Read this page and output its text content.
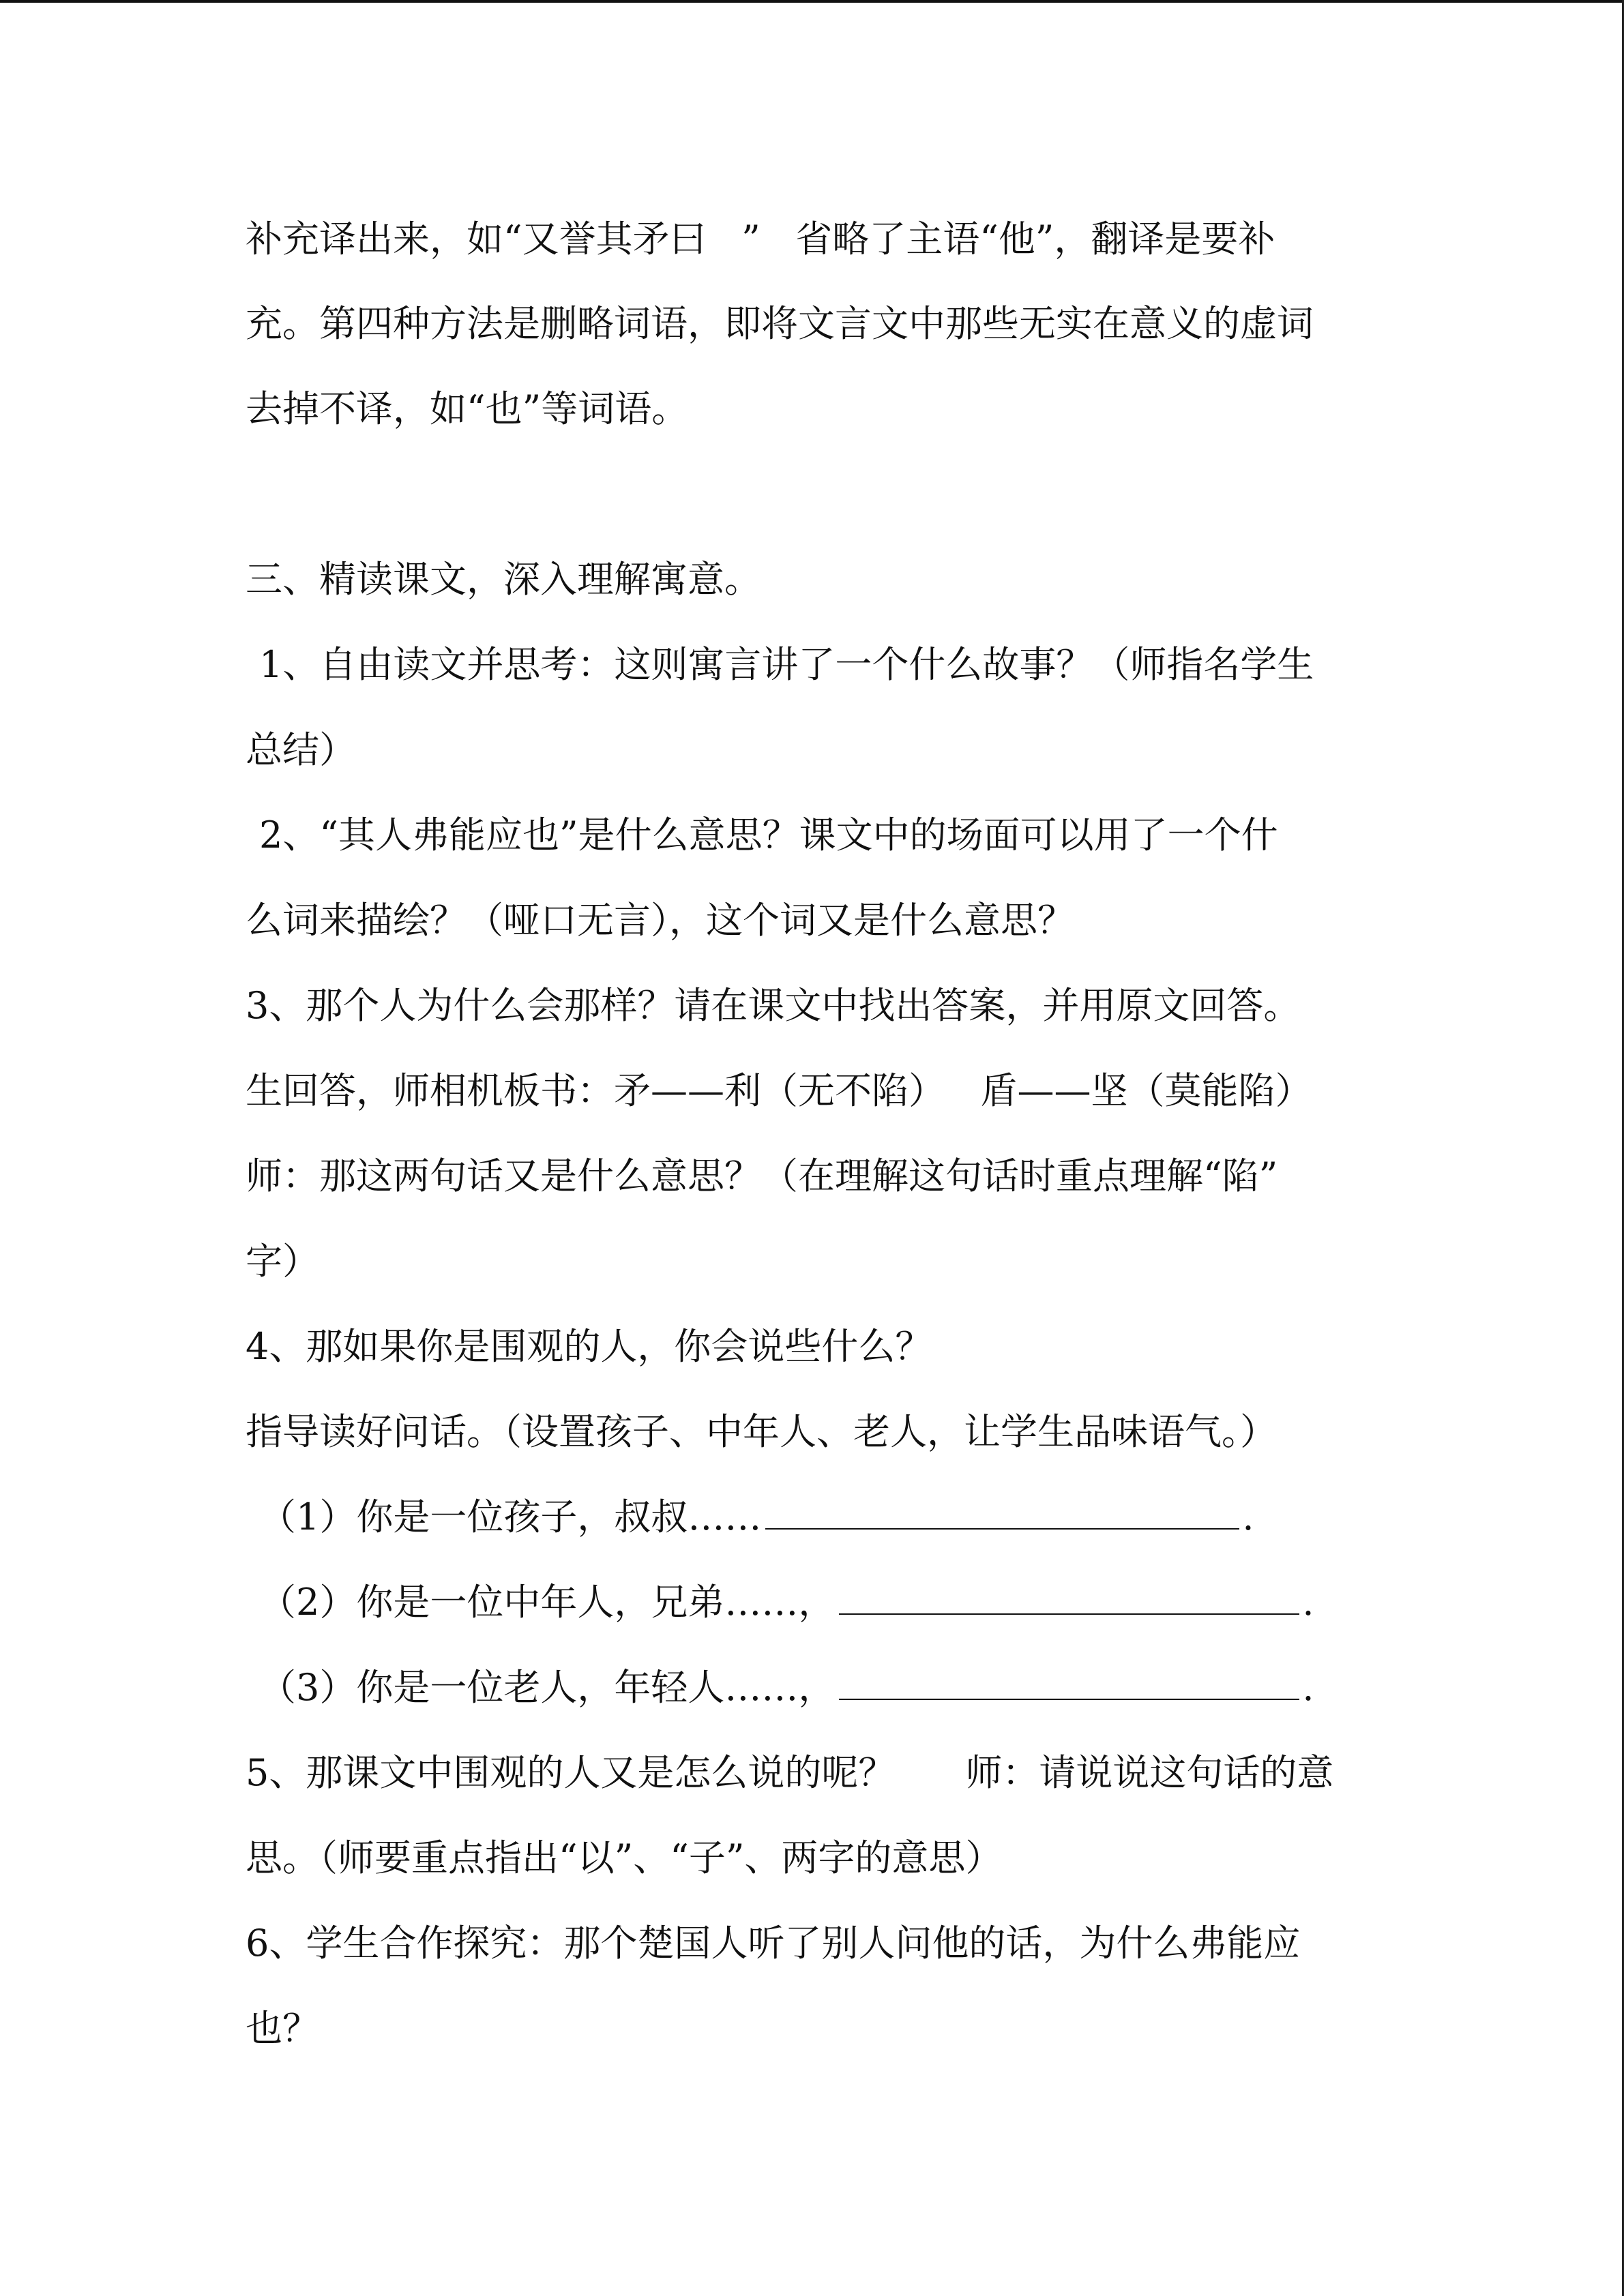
补充译出来，如“又誉其矛曰   ”   省略了主语“他”，翻译是要补
充。第四种方法是删略词语，即将文言文中那些无实在意义的虚词
去掉不译，如“也”等词语。
三、精读课文，深入理解寓意。
1、自由读文并思考：这则寓言讲了一个什么故事？（师指名学生
总结）
2、“其人弗能应也”是什么意思？课文中的场面可以用了一个什
么词来描绘？（哑口无言），这个词又是什么意思？
3、那个人为什么会那样？请在课文中找出答案，并用原文回答。
生回答，师相机板书：矛——利（无不陷）   盾——坚（莫能陷）
师：那这两句话又是什么意思？（在理解这句话时重点理解“陷”
字）
4、那如果你是围观的人，你会说些什么？
指导读好问话。（设置孩子、中年人、老人，让学生品味语气。）
（1）你是一位孩子，叔叔……	.
（2）你是一位中年人，兄弟……，	.
（3）你是一位老人，年轻人……，	.
5、那课文中围观的人又是怎么说的呢？      师：请说说这句话的意
思。（师要重点指出“以”、“子”、两字的意思）
6、学生合作探究：那个楚国人听了别人问他的话，为什么弗能应
也？
